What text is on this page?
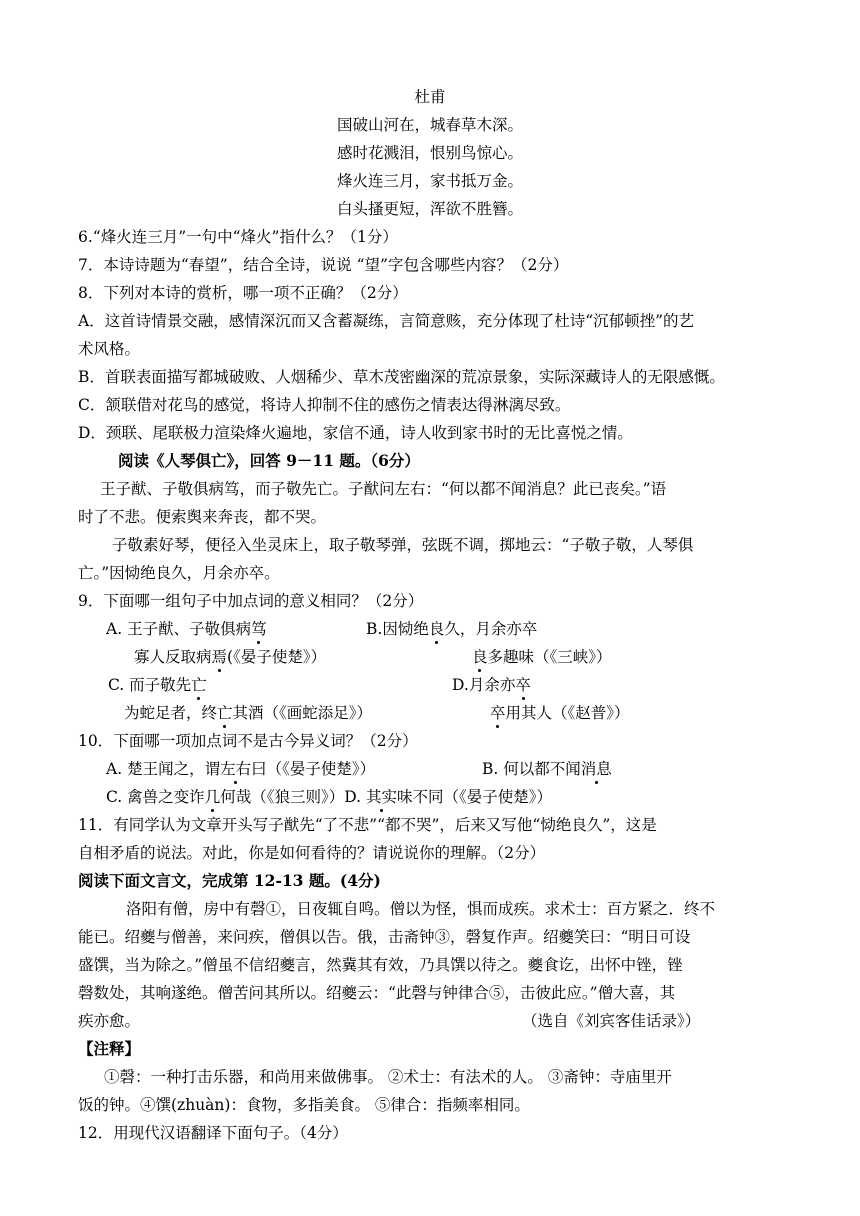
杜甫
国破山河在，城春草木深。
感时花溅泪，恨别鸟惊心。
烽火连三月，家书抵万金。
白头搔更短，浑欲不胜簪。
6.“烽火连三月”一句中“烽火”指什么？（1分）
7．本诗诗题为“春望”，结合全诗，说说 “望”字包含哪些内容？（2分）
8．下列对本诗的赏析，哪一项不正确？（2分）
A．这首诗情景交融，感情深沉而又含蓄凝练，言简意赅，充分体现了杜诗“沉郁顿挫”的艺
术风格。
B．首联表面描写都城破败、人烟稀少、草木茂密幽深的荒凉景象，实际深藏诗人的无限感慨。
C．颔联借对花鸟的感觉，将诗人抑制不住的感伤之情表达得淋漓尽致。
D．颈联、尾联极力渲染烽火遍地，家信不通，诗人收到家书时的无比喜悦之情。
阅读《人琴俱亡》，回答 9－11 题。（6分）
王子猷、子敬俱病笃，而子敬先亡。子猷问左右：“何以都不闻消息？此已丧矣。”语
时了不悲。便索舆来奔丧，都不哭。
子敬素好琴，便径入坐灵床上，取子敬琴弹，弦既不调，掷地云：“子敬子敬，人琴俱
亡。”因恸绝良久，月余亦卒。
9．下面哪一组句子中加点词的意义相同？（2分）
A. 王子猷、子敬俱病笃	B.因恸绝良久，月余亦卒
寡人反取病焉(《晏子使楚》）	良多趣味（《三峡》）
C. 而子敬先亡	D.月余亦卒
为蛇足者，终亡其酒（《画蛇添足》）	卒用其人（《赵普》）
10．下面哪一项加点词不是古今异义词？（2分）
A. 楚王闻之，谓左右曰（《晏子使楚》）	B. 何以都不闻消息
C. 禽兽之变诈几何哉（《狼三则》）D. 其实味不同（《晏子使楚》）
11．有同学认为文章开头写子猷先“了不悲”“都不哭”，后来又写他“恸绝良久”，这是
自相矛盾的说法。对此，你是如何看待的？请说说你的理解。（2分）
阅读下面文言文，完成第 12-13 题。(4分)
洛阳有僧，房中有磬①，日夜辄自鸣。僧以为怪，惧而成疾。求术士：百方紧之．终不
能已。绍夔与僧善，来问疾，僧俱以告。俄，击斋钟③，磬复作声。绍夔笑曰：“明日可设
盛馔，当为除之。”僧虽不信绍夔言，然冀其有效，乃具馔以待之。夔食讫，出怀中锉，锉
磬数处，其响遂绝。僧苦问其所以。绍夔云：“此磬与钟律合⑤，击彼此应。”僧大喜，其
疾亦愈。	（选自《刘宾客佳话录》）
【注释】
①磬：一种打击乐器，和尚用来做佛事。 ②术士：有法术的人。 ③斋钟：寺庙里开
饭的钟。④馔(zhuàn)：食物，多指美食。 ⑤律合：指频率相同。
12．用现代汉语翻译下面句子。（4分）
